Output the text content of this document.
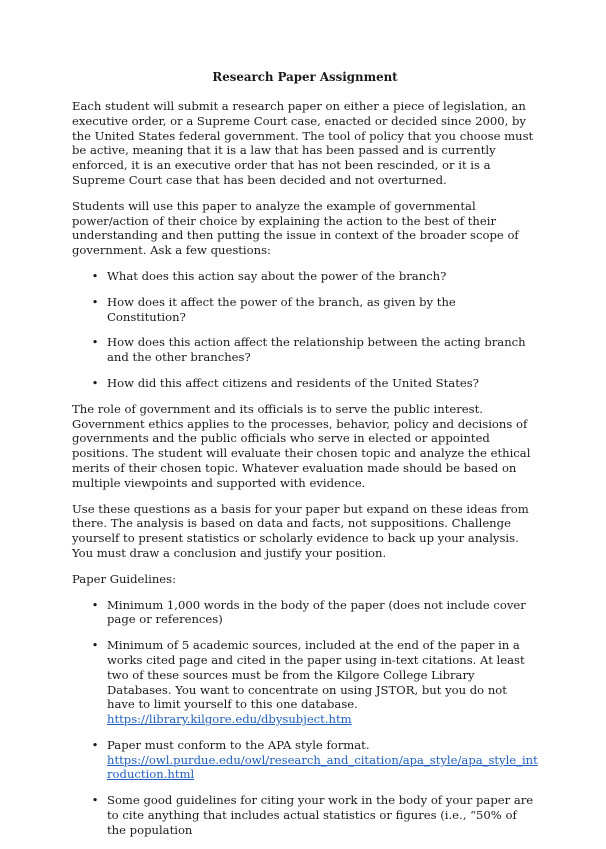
Research Paper Assignment

Each student will submit a research paper on either a piece of legislation, an executive order, or a Supreme Court case, enacted or decided since 2000, by the United States federal government. The tool of policy that you choose must be active, meaning that it is a law that has been passed and is currently enforced, it is an executive order that has not been rescinded, or it is a Supreme Court case that has been decided and not overturned.

Students will use this paper to analyze the example of governmental power/action of their choice by explaining the action to the best of their understanding and then putting the issue in context of the broader scope of government. Ask a few questions:

• What does this action say about the power of the branch?
• How does it affect the power of the branch, as given by the Constitution?
• How does this action affect the relationship between the acting branch and the other branches?
• How did this affect citizens and residents of the United States?

The role of government and its officials is to serve the public interest. Government ethics applies to the processes, behavior, policy and decisions of governments and the public officials who serve in elected or appointed positions. The student will evaluate their chosen topic and analyze the ethical merits of their chosen topic. Whatever evaluation made should be based on multiple viewpoints and supported with evidence.

Use these questions as a basis for your paper but expand on these ideas from there. The analysis is based on data and facts, not suppositions. Challenge yourself to present statistics or scholarly evidence to back up your analysis. You must draw a conclusion and justify your position.

Paper Guidelines:

• Minimum 1,000 words in the body of the paper (does not include cover page or references)
• Minimum of 5 academic sources, included at the end of the paper in a works cited page and cited in the paper using in-text citations. At least two of these sources must be from the Kilgore College Library Databases. You want to concentrate on using JSTOR, but you do not have to limit yourself to this one database.
https://library.kilgore.edu/dbysubject.htm
• Paper must conform to the APA style format.
https://owl.purdue.edu/owl/research_and_citation/apa_style/apa_style_introduction.html
• Some good guidelines for citing your work in the body of your paper are to cite anything that includes actual statistics or figures (i.e., “50% of the population
